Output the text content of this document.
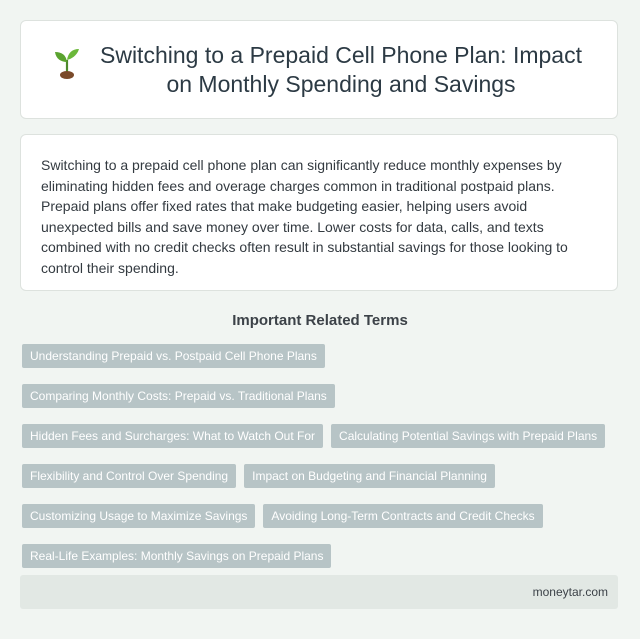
Switching to a Prepaid Cell Phone Plan: Impact on Monthly Spending and Savings

Switching to a prepaid cell phone plan can significantly reduce monthly expenses by eliminating hidden fees and overage charges common in traditional postpaid plans. Prepaid plans offer fixed rates that make budgeting easier, helping users avoid unexpected bills and save money over time. Lower costs for data, calls, and texts combined with no credit checks often result in substantial savings for those looking to control their spending.

Important Related Terms
Understanding Prepaid vs. Postpaid Cell Phone Plans
Comparing Monthly Costs: Prepaid vs. Traditional Plans
Hidden Fees and Surcharges: What to Watch Out For	Calculating Potential Savings with Prepaid Plans
Flexibility and Control Over Spending	Impact on Budgeting and Financial Planning
Customizing Usage to Maximize Savings	Avoiding Long-Term Contracts and Credit Checks
Real-Life Examples: Monthly Savings on Prepaid Plans
moneytar.com
